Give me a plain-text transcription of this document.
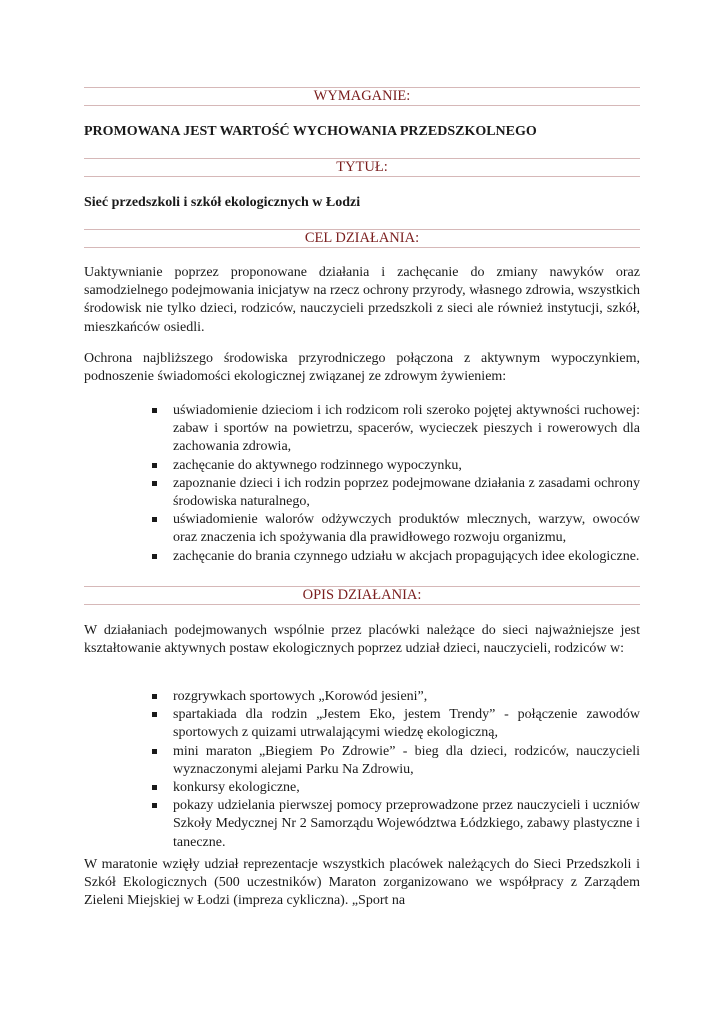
WYMAGANIE:
PROMOWANA JEST WARTOŚĆ WYCHOWANIA PRZEDSZKOLNEGO
TYTUŁ:
Sieć przedszkoli i szkół ekologicznych w Łodzi
CEL DZIAŁANIA:

Uaktywnianie poprzez proponowane działania i zachęcanie do zmiany nawyków oraz samodzielnego podejmowania inicjatyw na rzecz ochrony przyrody, własnego zdrowia, wszystkich środowisk nie tylko dzieci, rodziców, nauczycieli przedszkoli z sieci ale również instytucji, szkół, mieszkańców osiedli.

Ochrona najbliższego środowiska przyrodniczego połączona z aktywnym wypoczynkiem, podnoszenie świadomości ekologicznej związanej ze zdrowym żywieniem:

uświadomienie dzieciom i ich rodzicom roli szeroko pojętej aktywności ruchowej: zabaw i sportów na powietrzu, spacerów, wycieczek pieszych i rowerowych dla zachowania zdrowia,
zachęcanie do aktywnego rodzinnego wypoczynku,
zapoznanie dzieci i ich rodzin poprzez podejmowane działania z zasadami ochrony środowiska naturalnego,
uświadomienie walorów odżywczych produktów mlecznych, warzyw, owoców oraz znaczenia ich spożywania dla prawidłowego rozwoju organizmu,
zachęcanie do brania czynnego udziału w akcjach propagujących idee ekologiczne.
OPIS DZIAŁANIA:

W działaniach podejmowanych wspólnie przez placówki należące do sieci najważniejsze jest kształtowanie aktywnych postaw ekologicznych poprzez udział dzieci, nauczycieli, rodziców w:

rozgrywkach sportowych „Korowód jesieni”,
spartakiada dla rodzin „Jestem Eko, jestem Trendy” - połączenie zawodów sportowych z quizami utrwalającymi wiedzę ekologiczną,
mini maraton „Biegiem Po Zdrowie” - bieg dla dzieci, rodziców, nauczycieli wyznaczonymi alejami Parku Na Zdrowiu,
konkursy ekologiczne,
pokazy udzielania pierwszej pomocy przeprowadzone przez nauczycieli i uczniów Szkoły Medycznej Nr 2 Samorządu Województwa Łódzkiego, zabawy plastyczne i taneczne.

W maratonie wzięły udział reprezentacje wszystkich placówek należących do Sieci Przedszkoli i Szkół Ekologicznych (500 uczestników) Maraton zorganizowano we współpracy z Zarządem Zieleni Miejskiej w Łodzi (impreza cykliczna). „Sport na
